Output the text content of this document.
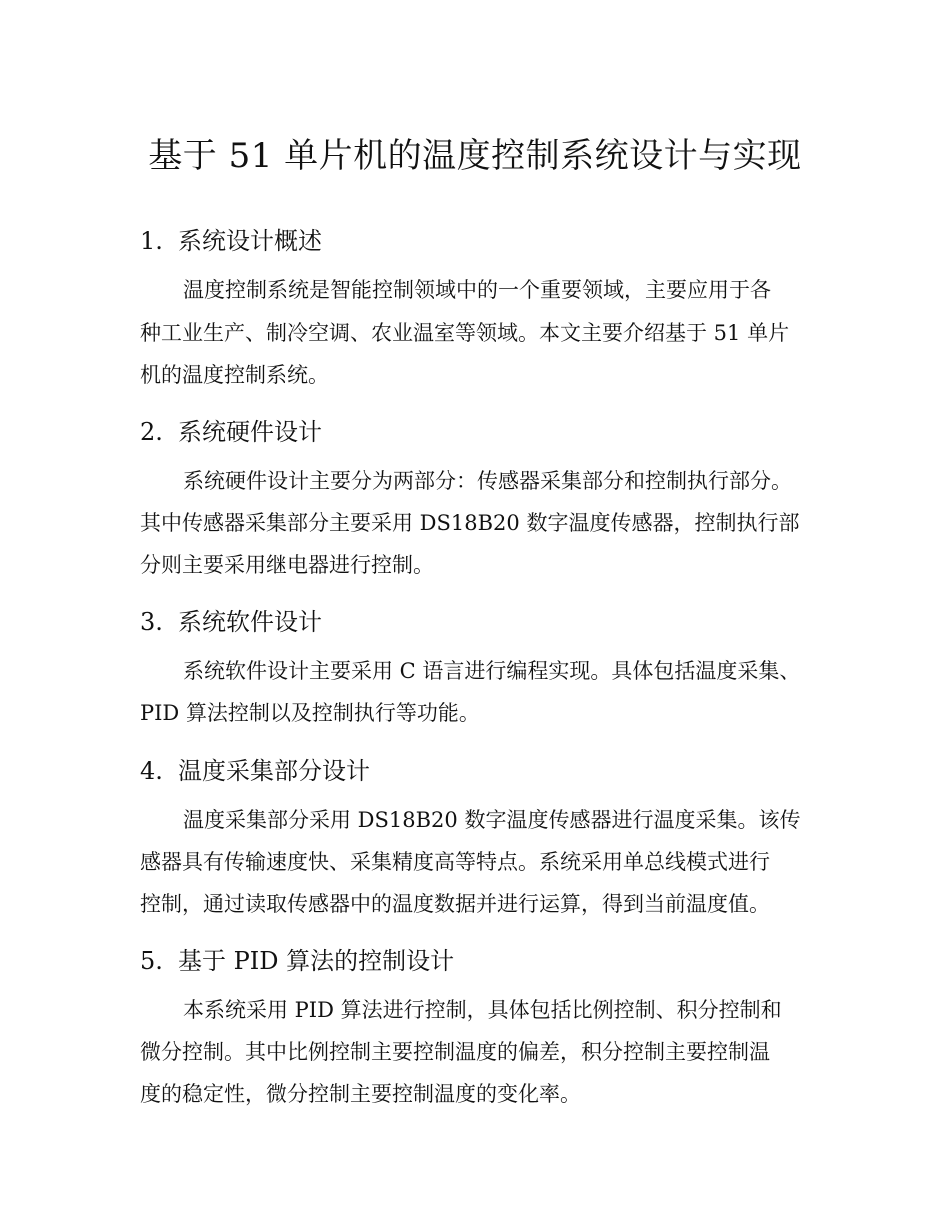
基于 51 单片机的温度控制系统设计与实现
1. 系统设计概述

温度控制系统是智能控制领域中的一个重要领域，主要应用于各

种工业生产、制冷空调、农业温室等领域。本文主要介绍基于 51 单片

机的温度控制系统。

2. 系统硬件设计

系统硬件设计主要分为两部分：传感器采集部分和控制执行部分。

其中传感器采集部分主要采用 DS18B20 数字温度传感器，控制执行部

分则主要采用继电器进行控制。

3. 系统软件设计

系统软件设计主要采用 C 语言进行编程实现。具体包括温度采集、

PID 算法控制以及控制执行等功能。

4. 温度采集部分设计

温度采集部分采用 DS18B20 数字温度传感器进行温度采集。该传

感器具有传输速度快、采集精度高等特点。系统采用单总线模式进行

控制，通过读取传感器中的温度数据并进行运算，得到当前温度值。

5. 基于 PID 算法的控制设计

本系统采用 PID 算法进行控制，具体包括比例控制、积分控制和

微分控制。其中比例控制主要控制温度的偏差，积分控制主要控制温

度的稳定性，微分控制主要控制温度的变化率。
